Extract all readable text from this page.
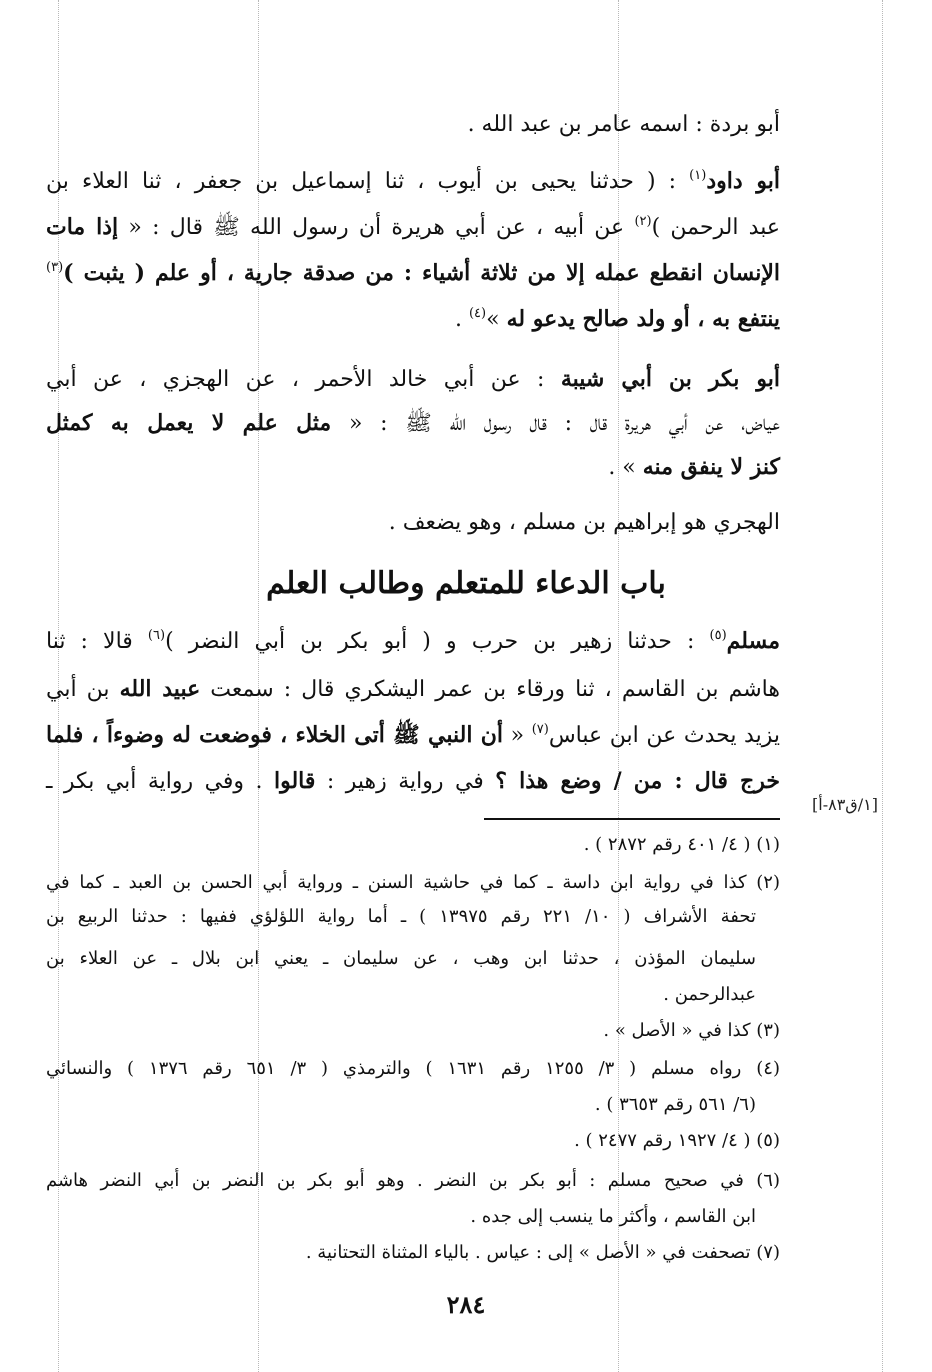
أبو بردة : اسمه عامر بن عبد الله .
أبو داود$^{(١)}$ : ( حدثنا يحيى بن أيوب ، ثنا إسماعيل بن جعفر ، ثنا العلاء بن
عبد الرحمن )$^{(٢)}$ عن أبيه ، عن أبي هريرة أن رسول الله ﷺ قال : « إذا مات
الإنسان انقطع عمله إلا من ثلاثة أشياء : من صدقة جارية ، أو علم ( يثبت )$^{(٣)}$
ينتفع به ، أو ولد صالح يدعو له »$^{(٤)}$ .
أبو بكر بن أبي شيبة : عن أبي خالد الأحمر ، عن الهجزي ، عن أبي
عياض، عن أبي هريرة قال : قال رسول الله ﷺ : « مثل علم لا يعمل به كمثل
كنز لا ينفق منه » .
الهجري هو إبراهيم بن مسلم ، وهو يضعف .
باب الدعاء للمتعلم وطالب العلم
مسلم$^{(٥)}$ : حدثنا زهير بن حرب و ( أبو بكر بن أبي النضر )$^{(٦)}$ قالا : ثنا
هاشم بن القاسم ، ثنا ورقاء بن عمر اليشكري قال : سمعت عبيد الله بن أبي
يزيد يحدث عن ابن عباس$^{(٧)}$ « أن النبي ﷺ أتى الخلاء ، فوضعت له وضوءاً ، فلما
خرج قال : من / وضع هذا ؟ في رواية زهير : قالوا . وفي رواية أبي بكر ـ
[١/ق٨٣-أ]
(١) ( ٤/ ٤٠١ رقم ٢٨٧٢ ) .
(٢) كذا في رواية ابن داسة ـ كما في حاشية السنن ـ ورواية أبي الحسن بن العبد ـ كما في
تحفة الأشراف ( ١٠/ ٢٢١ رقم ١٣٩٧٥ ) ـ أما رواية اللؤلؤي ففيها : حدثنا الربيع بن
سليمان المؤذن ، حدثنا ابن وهب ، عن سليمان ـ يعني ابن بلال ـ عن العلاء بن
عبدالرحمن .
(٣) كذا في « الأصل » .
(٤) رواه مسلم ( ٣/ ١٢٥٥ رقم ١٦٣١ ) والترمذي ( ٣/ ٦٥١ رقم ١٣٧٦ ) والنسائي
(٦/ ٥٦١ رقم ٣٦٥٣ ) .
(٥) ( ٤/ ١٩٢٧ رقم ٢٤٧٧ ) .
(٦) في صحيح مسلم : أبو بكر بن النضر . وهو أبو بكر بن النضر بن أبي النضر هاشم
ابن القاسم ، وأكثر ما ينسب إلى جده .
(٧) تصحفت في « الأصل » إلى : عياس . بالياء المثناة التحتانية .
٢٨٤
